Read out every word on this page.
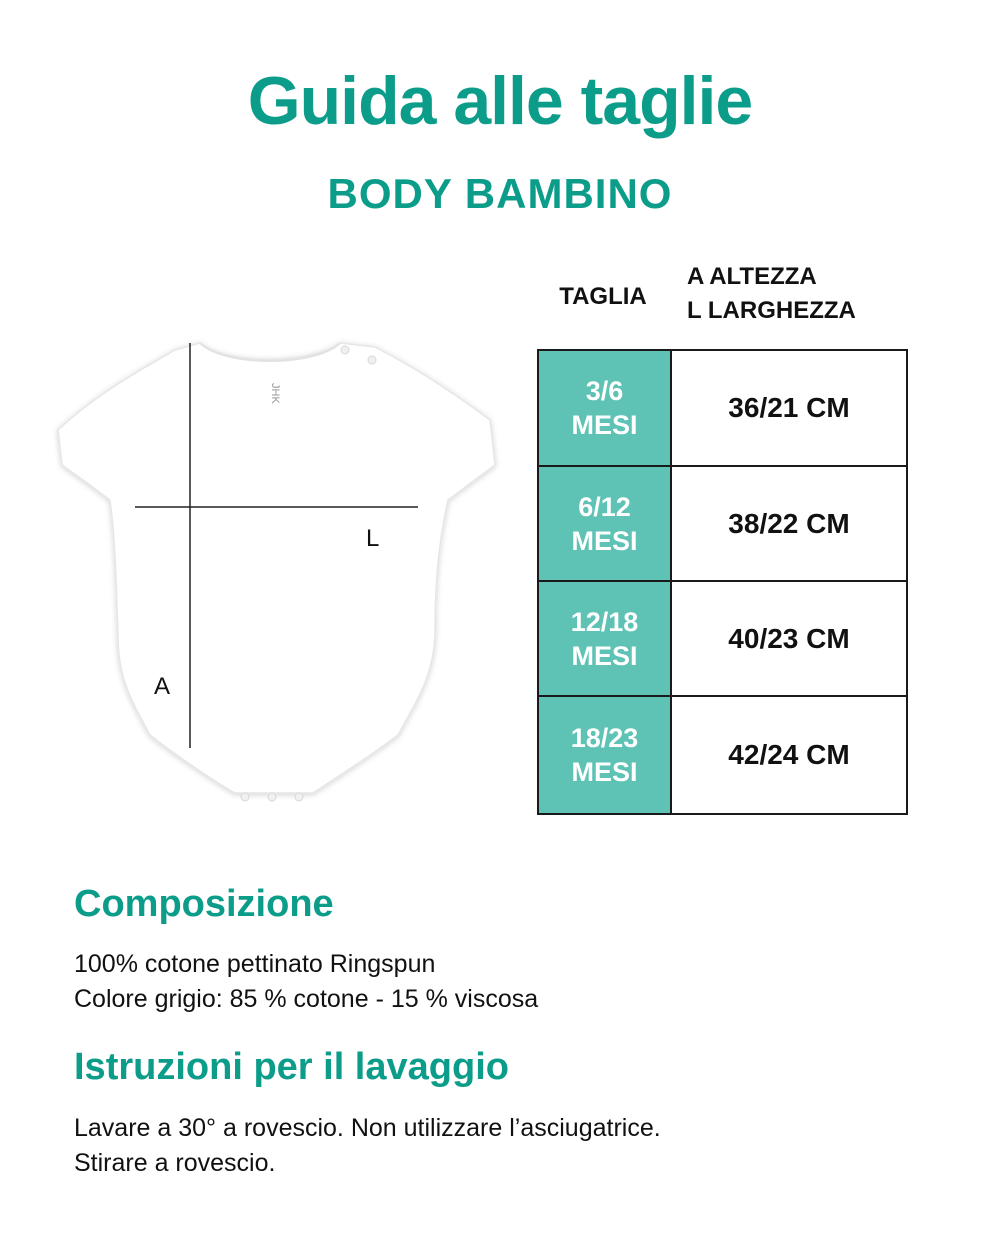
Guida alle taglie
BODY BAMBINO
JHK
L
A
TAGLIA
A ALTEZZA
L LARGHEZZA
3/6
MESI	36/21 CM

6/12
MESI	38/22 CM

12/18
MESI	40/23 CM

18/23
MESI	42/24 CM
Composizione

100% cotone pettinato Ringspun
Colore grigio: 85 % cotone - 15 % viscosa

Istruzioni per il lavaggio

Lavare a 30° a rovescio. Non utilizzare l’asciugatrice.
Stirare a rovescio.
